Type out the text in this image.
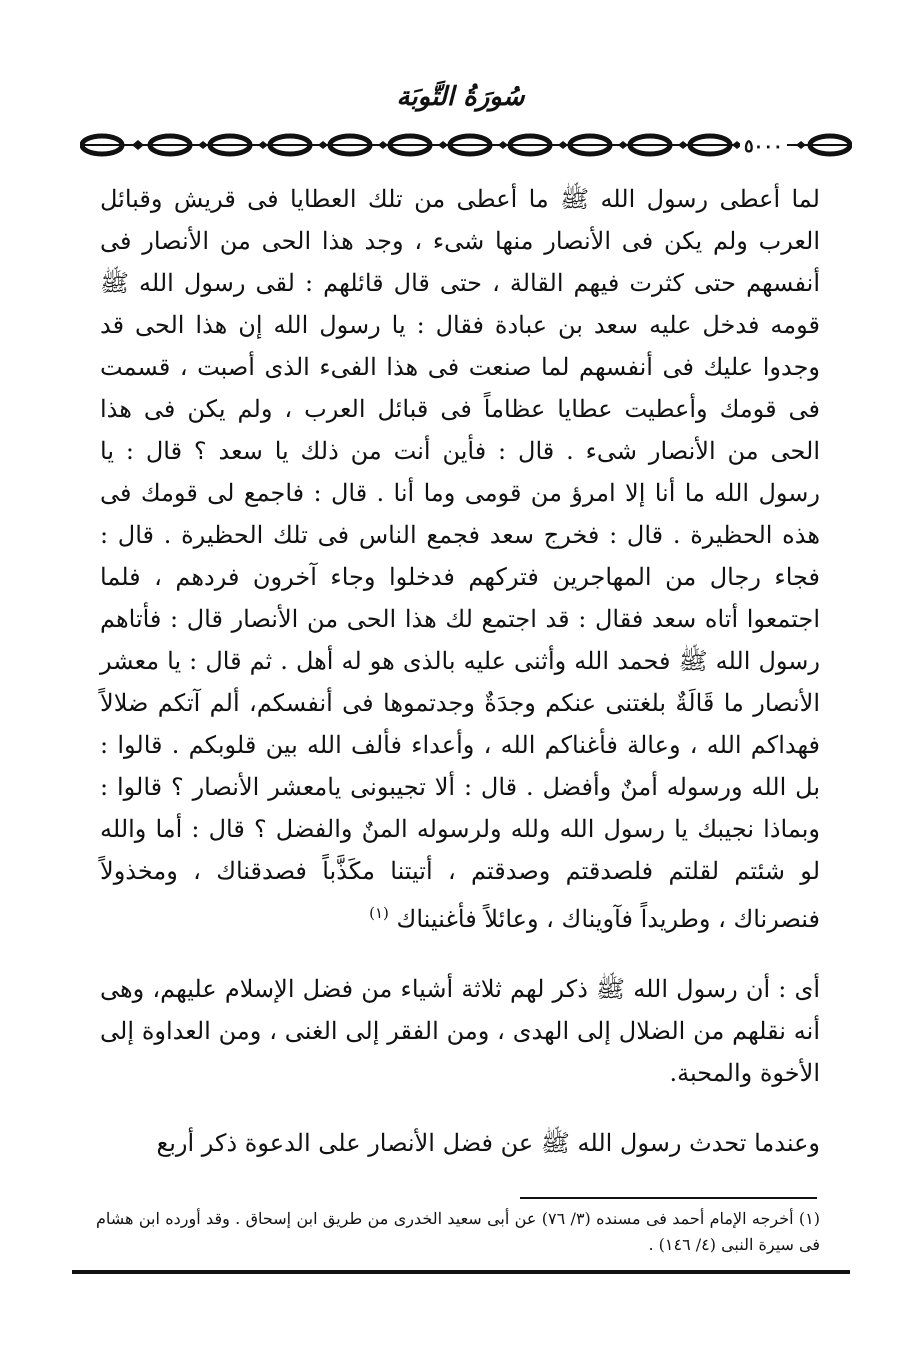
سُورَةُ التَّوبَة
٥٠٠٠

لما أعطى رسول الله ﷺ ما أعطى من تلك العطايا فى قريش وقبائل العرب ولم يكن فى الأنصار منها شىء ، وجد هذا الحى من الأنصار فى أنفسهم حتى كثرت فيهم القالة ، حتى قال قائلهم : لقى رسول الله ﷺ قومه فدخل عليه سعد بن عبادة فقال : يا رسول الله إن هذا الحى قد وجدوا عليك فى أنفسهم لما صنعت فى هذا الفىء الذى أصبت ، قسمت فى قومك وأعطيت عطايا عظاماً فى قبائل العرب ، ولم يكن فى هذا الحى من الأنصار شىء . قال : فأين أنت من ذلك يا سعد ؟ قال : يا رسول الله ما أنا إلا امرؤ من قومى وما أنا . قال : فاجمع لى قومك فى هذه الحظيرة . قال : فخرج سعد فجمع الناس فى تلك الحظيرة . قال : فجاء رجال من المهاجرين فتركهم فدخلوا وجاء آخرون فردهم ، فلما اجتمعوا أتاه سعد فقال : قد اجتمع لك هذا الحى من الأنصار قال : فأتاهم رسول الله ﷺ فحمد الله وأثنى عليه بالذى هو له أهل . ثم قال : يا معشر الأنصار ما قَالَةٌ بلغتنى عنكم وجدَةٌ وجدتموها فى أنفسكم، ألم آتكم ضلالاً فهداكم الله ، وعالة فأغناكم الله ، وأعداء فألف الله بين قلوبكم . قالوا : بل الله ورسوله أمنٌ وأفضل . قال : ألا تجيبونى يامعشر الأنصار ؟ قالوا : وبماذا نجيبك يا رسول الله ولله ولرسوله المنٌ والفضل ؟ قال : أما والله لو شئتم لقلتم فلصدقتم وصدقتم ، أتيتنا مكَذَّباً فصدقناك ، ومخذولاً فنصرناك ، وطريداً فآويناك ، وعائلاً فأغنيناك $^{(١)}$

أى : أن رسول الله ﷺ ذكر لهم ثلاثة أشياء من فضل الإسلام عليهم، وهى أنه نقلهم من الضلال إلى الهدى ، ومن الفقر إلى الغنى ، ومن العداوة إلى الأخوة والمحبة.

وعندما تحدث رسول الله ﷺ عن فضل الأنصار على الدعوة ذكر أربع

(١) أخرجه الإمام أحمد فى مسنده (٣/ ٧٦) عن أبى سعيد الخدرى من طريق ابن إسحاق . وقد أورده ابن هشام فى سيرة النبى (٤/ ١٤٦) .
